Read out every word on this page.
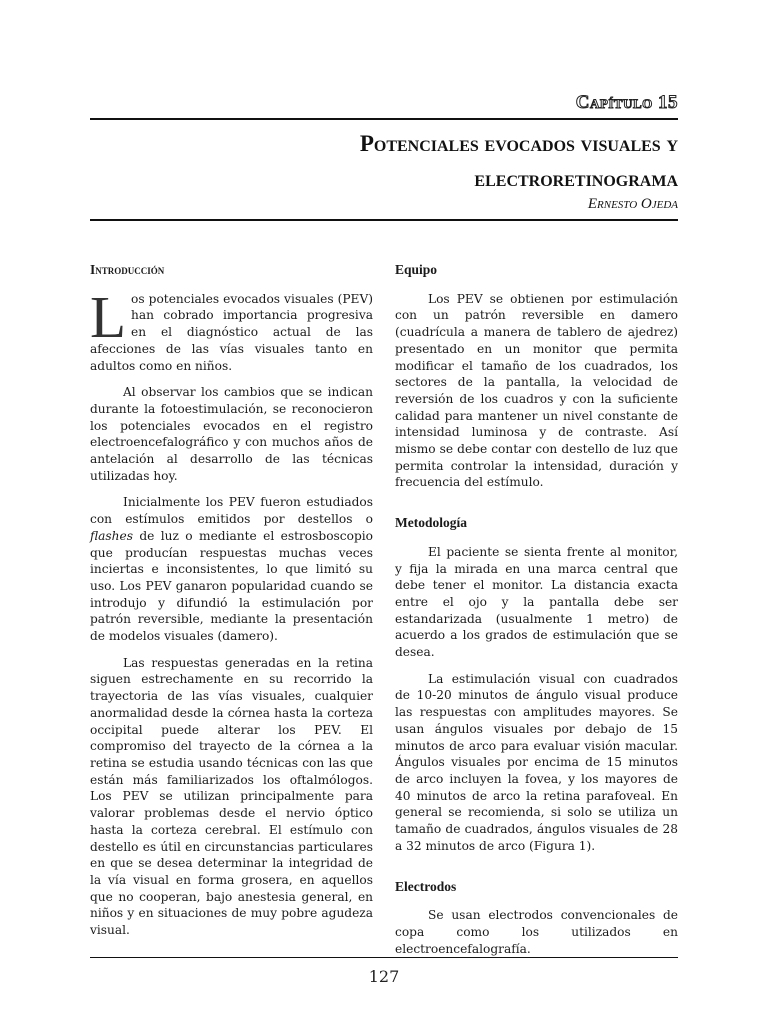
Capítulo 15
Potenciales evocados visuales y
electroretinograma
Ernesto Ojeda
Introducción

Los potenciales evocados visuales (PEV) han cobrado importancia progresiva en el diagnóstico actual de las afecciones de las vías visuales tanto en adultos como en niños.

Al observar los cambios que se indican durante la fotoestimulación, se reconocieron los potenciales evocados en el registro electroencefalográfico y con muchos años de antelación al desarrollo de las técnicas utilizadas hoy.

Inicialmente los PEV fueron estudiados con estímulos emitidos por destellos o flashes de luz o mediante el estrosboscopio que producían respuestas muchas veces inciertas e inconsistentes, lo que limitó su uso. Los PEV ganaron popularidad cuando se introdujo y difundió la estimulación por patrón reversible, mediante la presentación de modelos visuales (damero).

Las respuestas generadas en la retina siguen estrechamente en su recorrido la trayectoria de las vías visuales, cualquier anormalidad desde la córnea hasta la corteza occipital puede alterar los PEV. El compromiso del trayecto de la córnea a la retina se estudia usando técnicas con las que están más familiarizados los oftalmólogos. Los PEV se utilizan principalmente para valorar problemas desde el nervio óptico hasta la corteza cerebral. El estímulo con destello es útil en circunstancias particulares en que se desea determinar la integridad de la vía visual en forma grosera, en aquellos que no cooperan, bajo anestesia general, en niños y en situaciones de muy pobre agudeza visual.

Equipo

Los PEV se obtienen por estimulación con un patrón reversible en damero (cuadrícula a manera de tablero de ajedrez) presentado en un monitor que permita modificar el tamaño de los cuadrados, los sectores de la pantalla, la velocidad de reversión de los cuadros y con la suficiente calidad para mantener un nivel constante de intensidad luminosa y de contraste. Así mismo se debe contar con destello de luz que permita controlar la intensidad, duración y frecuencia del estímulo.

Metodología

El paciente se sienta frente al monitor, y fija la mirada en una marca central que debe tener el monitor. La distancia exacta entre el ojo y la pantalla debe ser estandarizada (usualmente 1 metro) de acuerdo a los grados de estimulación que se desea.

La estimulación visual con cuadrados de 10-20 minutos de ángulo visual produce las respuestas con amplitudes mayores. Se usan ángulos visuales por debajo de 15 minutos de arco para evaluar visión macular. Ángulos visuales por encima de 15 minutos de arco incluyen la fovea, y los mayores de 40 minutos de arco la retina parafoveal. En general se recomienda, si solo se utiliza un tamaño de cuadrados, ángulos visuales de 28 a 32 minutos de arco (Figura 1).

Electrodos

Se usan electrodos convencionales de copa como los utilizados en electroencefalografía.

127
